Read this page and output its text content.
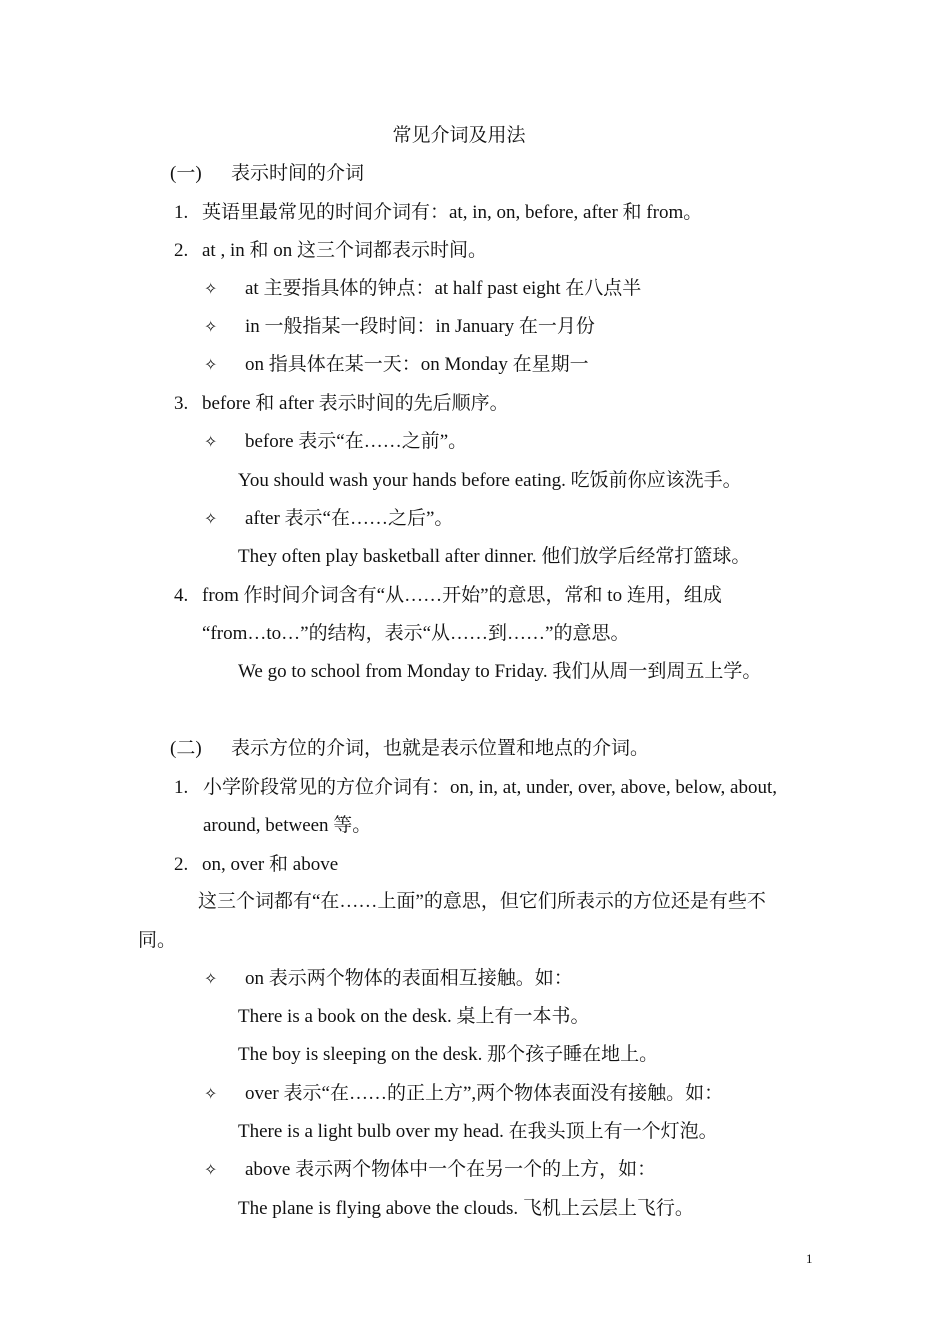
常见介词及用法
(一) 表示时间的介词
1. 英语里最常见的时间介词有：at, in, on, before, after 和 from。
2. at , in 和 on 这三个词都表示时间。
✧ at 主要指具体的钟点：at half past eight 在八点半
✧ in 一般指某一段时间：in January 在一月份
✧ on 指具体在某一天：on Monday 在星期一
3. before 和 after 表示时间的先后顺序。
✧ before 表示“在……之前”。
You should wash your hands before eating. 吃饭前你应该洗手。
✧ after 表示“在……之后”。
They often play basketball after dinner. 他们放学后经常打篮球。
4. from 作时间介词含有“从……开始”的意思，常和 to 连用，组成
“from…to…”的结构，表示“从……到……”的意思。
We go to school from Monday to Friday. 我们从周一到周五上学。
(二) 表示方位的介词，也就是表示位置和地点的介词。
1. 小学阶段常见的方位介词有：on, in, at, under, over, above, below, about,
around, between 等。
2. on, over 和 above
这三个词都有“在……上面”的意思，但它们所表示的方位还是有些不
同。
✧ on 表示两个物体的表面相互接触。如：
There is a book on the desk. 桌上有一本书。
The boy is sleeping on the desk. 那个孩子睡在地上。
✧ over 表示“在……的正上方”,两个物体表面没有接触。如：
There is a light bulb over my head. 在我头顶上有一个灯泡。
✧ above 表示两个物体中一个在另一个的上方，如：
The plane is flying above the clouds. 飞机上云层上飞行。
1
